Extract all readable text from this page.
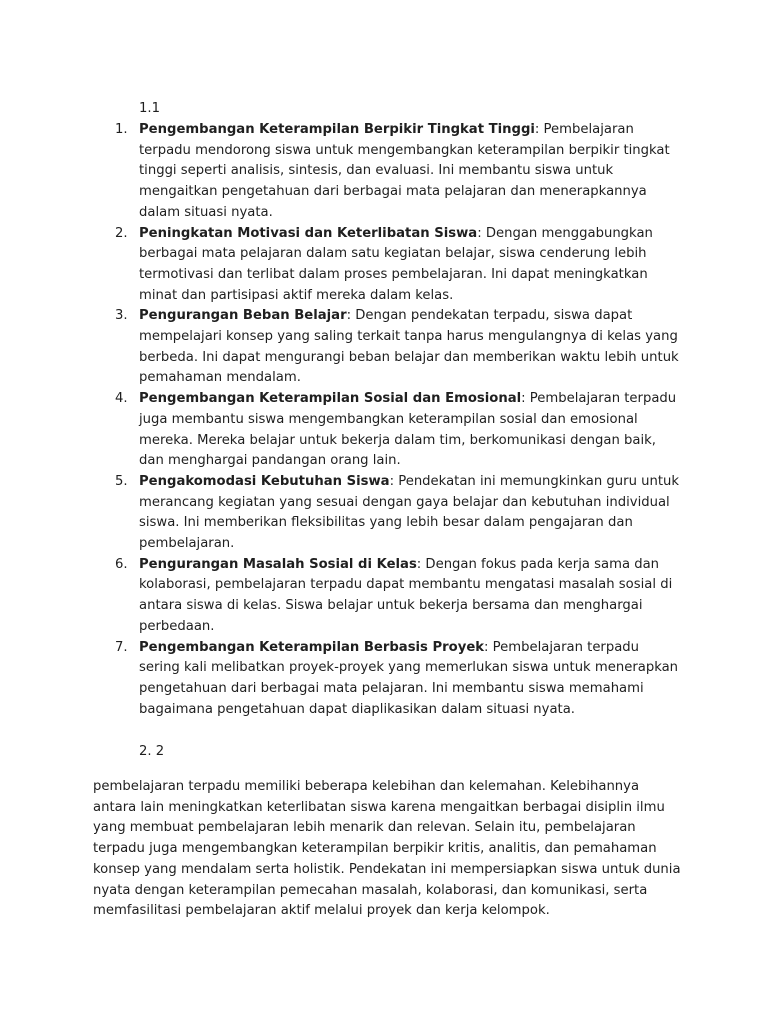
1.1
1. Pengembangan Keterampilan Berpikir Tingkat Tinggi: Pembelajaran terpadu mendorong siswa untuk mengembangkan keterampilan berpikir tingkat tinggi seperti analisis, sintesis, dan evaluasi. Ini membantu siswa untuk mengaitkan pengetahuan dari berbagai mata pelajaran dan menerapkannya dalam situasi nyata.
2. Peningkatan Motivasi dan Keterlibatan Siswa: Dengan menggabungkan berbagai mata pelajaran dalam satu kegiatan belajar, siswa cenderung lebih termotivasi dan terlibat dalam proses pembelajaran. Ini dapat meningkatkan minat dan partisipasi aktif mereka dalam kelas.
3. Pengurangan Beban Belajar: Dengan pendekatan terpadu, siswa dapat mempelajari konsep yang saling terkait tanpa harus mengulangnya di kelas yang berbeda. Ini dapat mengurangi beban belajar dan memberikan waktu lebih untuk pemahaman mendalam.
4. Pengembangan Keterampilan Sosial dan Emosional: Pembelajaran terpadu juga membantu siswa mengembangkan keterampilan sosial dan emosional mereka. Mereka belajar untuk bekerja dalam tim, berkomunikasi dengan baik, dan menghargai pandangan orang lain.
5. Pengakomodasi Kebutuhan Siswa: Pendekatan ini memungkinkan guru untuk merancang kegiatan yang sesuai dengan gaya belajar dan kebutuhan individual siswa. Ini memberikan fleksibilitas yang lebih besar dalam pengajaran dan pembelajaran.
6. Pengurangan Masalah Sosial di Kelas: Dengan fokus pada kerja sama dan kolaborasi, pembelajaran terpadu dapat membantu mengatasi masalah sosial di antara siswa di kelas. Siswa belajar untuk bekerja bersama dan menghargai perbedaan.
7. Pengembangan Keterampilan Berbasis Proyek: Pembelajaran terpadu sering kali melibatkan proyek-proyek yang memerlukan siswa untuk menerapkan pengetahuan dari berbagai mata pelajaran. Ini membantu siswa memahami bagaimana pengetahuan dapat diaplikasikan dalam situasi nyata.
2. 2

pembelajaran terpadu memiliki beberapa kelebihan dan kelemahan. Kelebihannya antara lain meningkatkan keterlibatan siswa karena mengaitkan berbagai disiplin ilmu yang membuat pembelajaran lebih menarik dan relevan. Selain itu, pembelajaran terpadu juga mengembangkan keterampilan berpikir kritis, analitis, dan pemahaman konsep yang mendalam serta holistik. Pendekatan ini mempersiapkan siswa untuk dunia nyata dengan keterampilan pemecahan masalah, kolaborasi, dan komunikasi, serta memfasilitasi pembelajaran aktif melalui proyek dan kerja kelompok.
